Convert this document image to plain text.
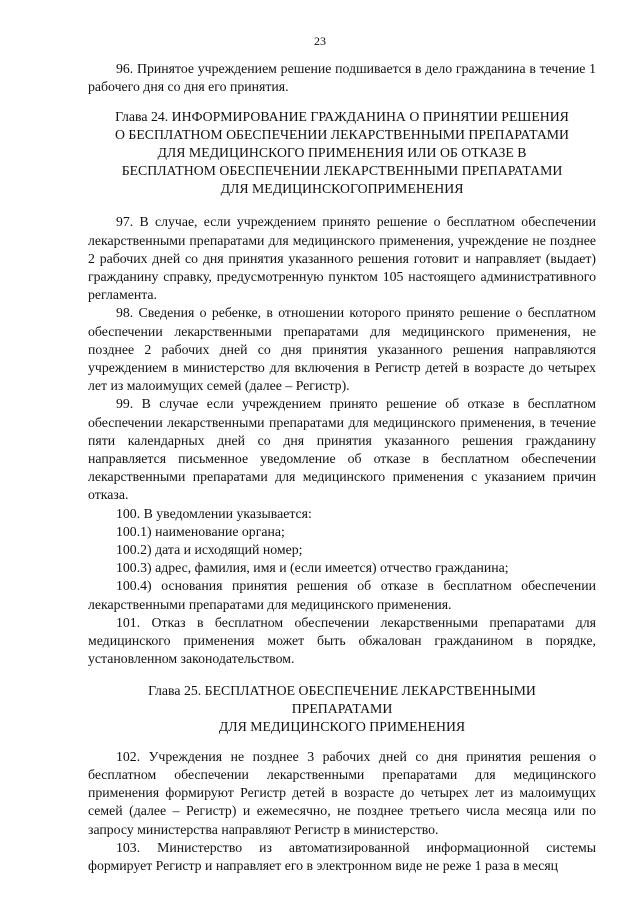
23

96. Принятое учреждением решение подшивается в дело гражданина в течение 1 рабочего дня со дня его принятия.

Глава 24. ИНФОРМИРОВАНИЕ ГРАЖДАНИНА О ПРИНЯТИИ РЕШЕНИЯ
О БЕСПЛАТНОМ ОБЕСПЕЧЕНИИ ЛЕКАРСТВЕННЫМИ ПРЕПАРАТАМИ
ДЛЯ МЕДИЦИНСКОГО ПРИМЕНЕНИЯ ИЛИ ОБ ОТКАЗЕ В
БЕСПЛАТНОМ ОБЕСПЕЧЕНИИ ЛЕКАРСТВЕННЫМИ ПРЕПАРАТАМИ
ДЛЯ МЕДИЦИНСКОГОПРИМЕНЕНИЯ

97. В случае, если учреждением принято решение о бесплатном обеспечении лекарственными препаратами для медицинского применения, учреждение не позднее 2 рабочих дней со дня принятия указанного решения готовит и направляет (выдает) гражданину справку, предусмотренную пунктом 105 настоящего административного регламента.

98. Сведения о ребенке, в отношении которого принято решение о бесплатном обеспечении лекарственными препаратами для медицинского применения, не позднее 2 рабочих дней со дня принятия указанного решения направляются учреждением в министерство для включения в Регистр детей в возрасте до четырех лет из малоимущих семей (далее – Регистр).

99. В случае если учреждением принято решение об отказе в бесплатном обеспечении лекарственными препаратами для медицинского применения, в течение пяти календарных дней со дня принятия указанного решения гражданину направляется письменное уведомление об отказе в бесплатном обеспечении лекарственными препаратами для медицинского применения с указанием причин отказа.

100. В уведомлении указывается:

100.1) наименование органа;

100.2) дата и исходящий номер;

100.3) адрес, фамилия, имя и (если имеется) отчество гражданина;

100.4) основания принятия решения об отказе в бесплатном обеспечении лекарственными препаратами для медицинского применения.

101. Отказ в бесплатном обеспечении лекарственными препаратами для медицинского применения может быть обжалован гражданином в порядке, установленном законодательством.

Глава 25. БЕСПЛАТНОЕ ОБЕСПЕЧЕНИЕ ЛЕКАРСТВЕННЫМИ
ПРЕПАРАТАМИ
ДЛЯ МЕДИЦИНСКОГО ПРИМЕНЕНИЯ

102. Учреждения не позднее 3 рабочих дней со дня принятия решения о бесплатном обеспечении лекарственными препаратами для медицинского применения формируют Регистр детей в возрасте до четырех лет из малоимущих семей (далее – Регистр) и ежемесячно, не позднее третьего числа месяца или по запросу министерства направляют Регистр в министерство.

103. Министерство из автоматизированной информационной системы формирует Регистр и направляет его в электронном виде не реже 1 раза в месяц
